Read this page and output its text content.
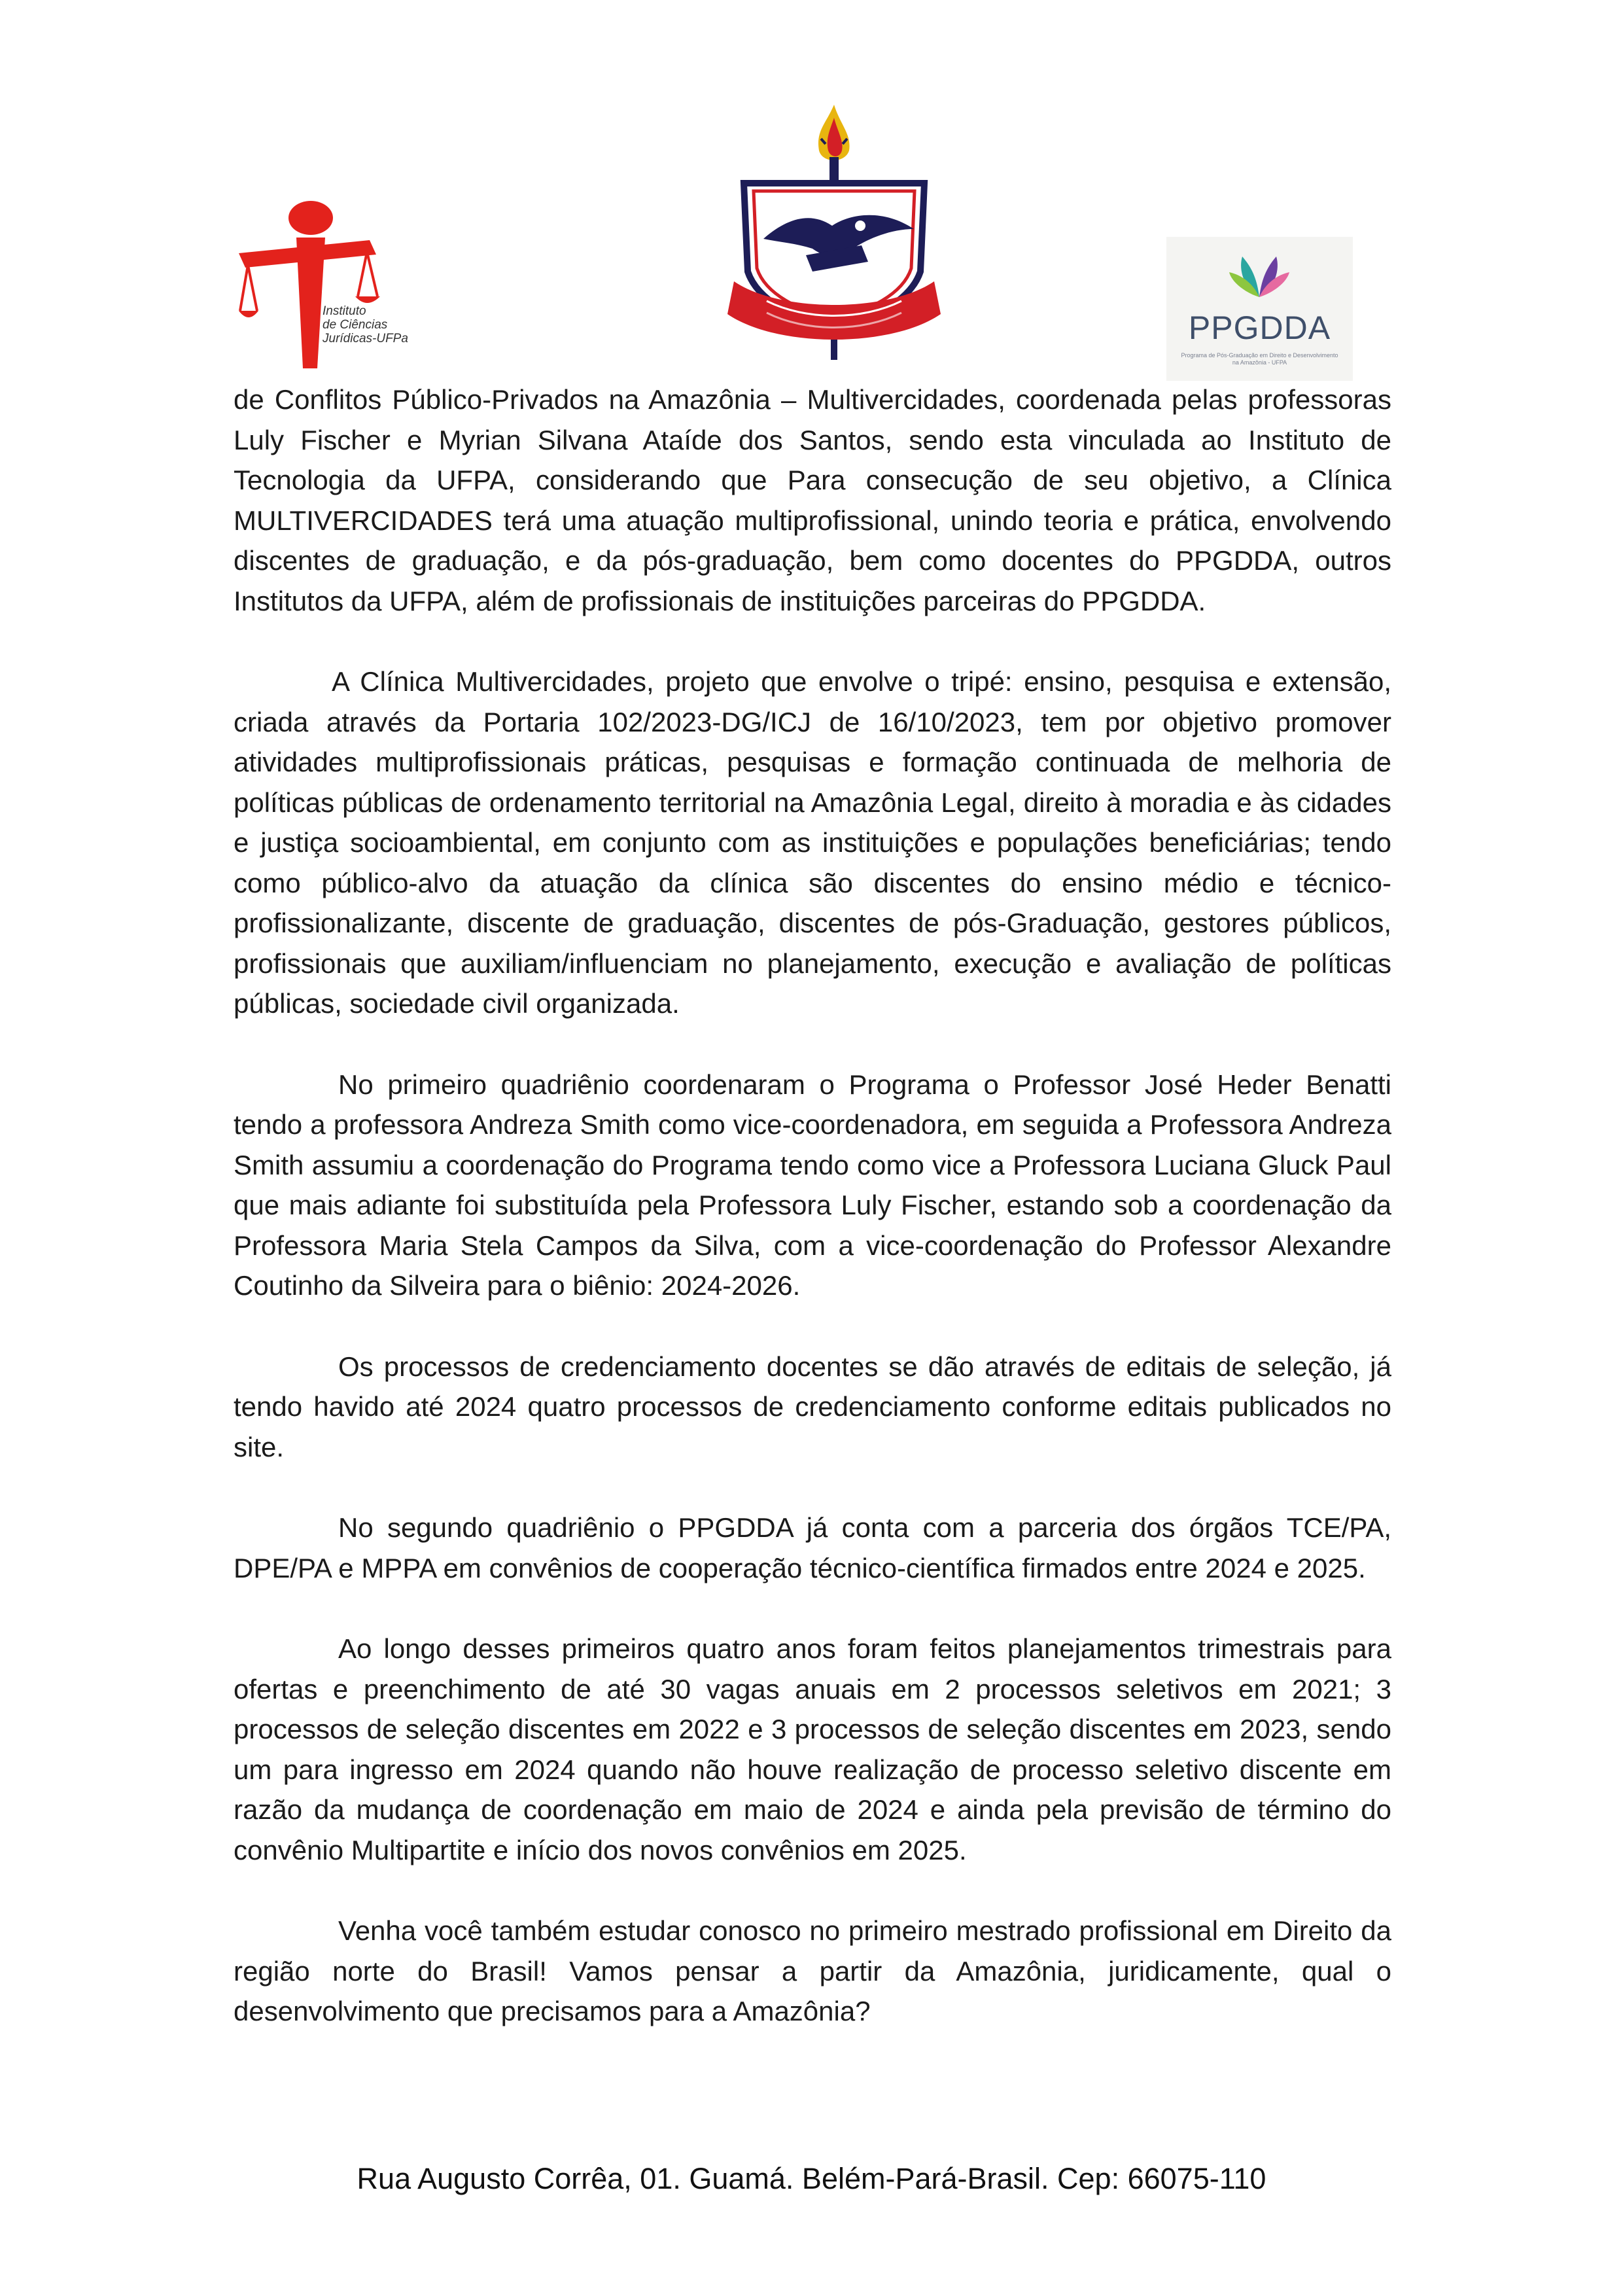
Instituto
de Ciências
Jurídicas-UFPa	PPGDDA
Programa de Pós-Graduação em Direito e Desenvolvimento na Amazônia - UFPA

de Conflitos Público-Privados na Amazônia – Multivercidades, coordenada pelas professoras Luly Fischer e Myrian Silvana Ataíde dos Santos, sendo esta vinculada ao Instituto de Tecnologia da UFPA, considerando que Para consecução de seu objetivo, a Clínica MULTIVERCIDADES terá uma atuação multiprofissional, unindo teoria e prática, envolvendo discentes de graduação, e da pós-graduação, bem como docentes do PPGDDA, outros Institutos da UFPA, além de profissionais de instituições parceiras do PPGDDA.

A Clínica Multivercidades, projeto que envolve o tripé: ensino, pesquisa e extensão, criada através da Portaria 102/2023-DG/ICJ de 16/10/2023, tem por objetivo promover atividades multiprofissionais práticas, pesquisas e formação continuada de melhoria de políticas públicas de ordenamento territorial na Amazônia Legal, direito à moradia e às cidades e justiça socioambiental, em conjunto com as instituições e populações beneficiárias; tendo como público-alvo da atuação da clínica são discentes do ensino médio e técnico-profissionalizante, discente de graduação, discentes de pós-Graduação, gestores públicos, profissionais que auxiliam/influenciam no planejamento, execução e avaliação de políticas públicas, sociedade civil organizada.

No primeiro quadriênio coordenaram o Programa o Professor José Heder Benatti tendo a professora Andreza Smith como vice-coordenadora, em seguida a Professora Andreza Smith assumiu a coordenação do Programa tendo como vice a Professora Luciana Gluck Paul que mais adiante foi substituída pela Professora Luly Fischer, estando sob a coordenação da Professora Maria Stela Campos da Silva, com a vice-coordenação do Professor Alexandre Coutinho da Silveira para o biênio: 2024-2026.

Os processos de credenciamento docentes se dão através de editais de seleção, já tendo havido até 2024 quatro processos de credenciamento conforme editais publicados no site.

No segundo quadriênio o PPGDDA já conta com a parceria dos órgãos TCE/PA, DPE/PA e MPPA em convênios de cooperação técnico-científica firmados entre 2024 e 2025.

Ao longo desses primeiros quatro anos foram feitos planejamentos trimestrais para ofertas e preenchimento de até 30 vagas anuais em 2 processos seletivos em 2021; 3 processos de seleção discentes em 2022 e 3 processos de seleção discentes em 2023, sendo um para ingresso em 2024 quando não houve realização de processo seletivo discente em razão da mudança de coordenação em maio de 2024 e ainda pela previsão de término do convênio Multipartite e início dos novos convênios em 2025.

Venha você também estudar conosco no primeiro mestrado profissional em Direito da região norte do Brasil! Vamos pensar a partir da Amazônia, juridicamente, qual o desenvolvimento que precisamos para a Amazônia?

Rua Augusto Corrêa, 01. Guamá. Belém-Pará-Brasil. Cep: 66075-110
